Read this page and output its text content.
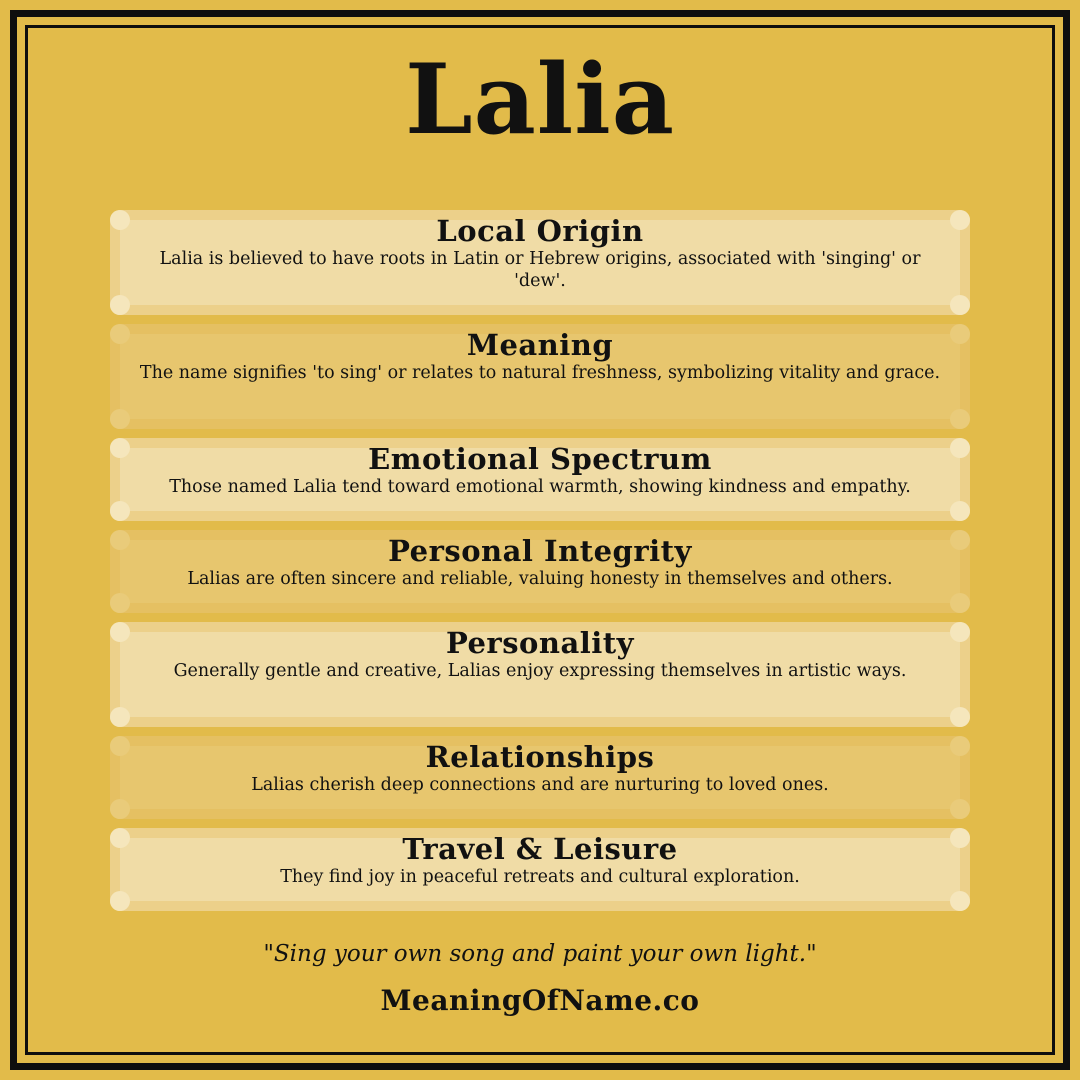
Lalia
Local Origin
Lalia is believed to have roots in Latin or Hebrew origins, associated with 'singing' or 'dew'.
Meaning
The name signifies 'to sing' or relates to natural freshness, symbolizing vitality and grace.
Emotional Spectrum
Those named Lalia tend toward emotional warmth, showing kindness and empathy.
Personal Integrity
Lalias are often sincere and reliable, valuing honesty in themselves and others.
Personality
Generally gentle and creative, Lalias enjoy expressing themselves in artistic ways.
Relationships
Lalias cherish deep connections and are nurturing to loved ones.
Travel & Leisure
They find joy in peaceful retreats and cultural exploration.
"Sing your own song and paint your own light."
MeaningOfName.co
